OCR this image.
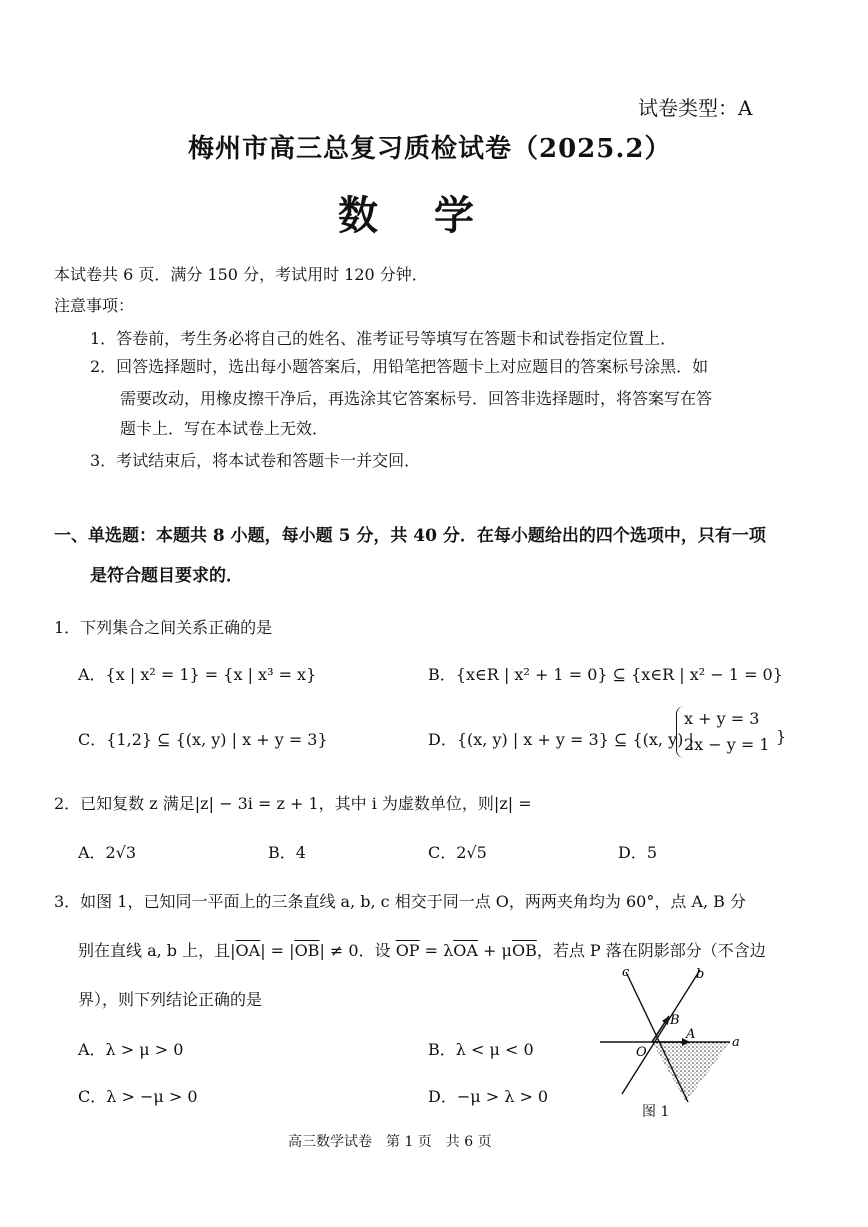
试卷类型：A
梅州市高三总复习质检试卷（2025.2）
数学
本试卷共 6 页．满分 150 分，考试用时 120 分钟．
注意事项：
1．答卷前，考生务必将自己的姓名、准考证号等填写在答题卡和试卷指定位置上．
2．回答选择题时，选出每小题答案后，用铅笔把答题卡上对应题目的答案标号涂黑．如
需要改动，用橡皮擦干净后，再选涂其它答案标号．回答非选择题时，将答案写在答
题卡上．写在本试卷上无效．
3．考试结束后，将本试卷和答题卡一并交回．
一、单选题：本题共 8 小题，每小题 5 分，共 40 分．在每小题给出的四个选项中，只有一项
是符合题目要求的．
1．下列集合之间关系正确的是
A．{x | x² = 1} = {x | x³ = x}	B．{x∈R | x² + 1 = 0} ⊆ {x∈R | x² − 1 = 0}
C．{1,2} ⊆ {(x, y) | x + y = 3}	D．{(x, y) | x + y = 3} ⊆ {(x, y) |
x + y = 3
2x − y = 1 }
2．已知复数 z 满足|z| − 3i = z + 1，其中 i 为虚数单位，则|z| =
A．2√3	B．4	C．2√5	D．5
3．如图 1，已知同一平面上的三条直线 a, b, c 相交于同一点 O，两两夹角均为 60°，点 A, B 分
别在直线 a, b 上，且$|\overline{OA}| = |\overline{OB}| \ne 0$．设 $\overline{OP} = \lambda\overline{OA} + \mu\overline{OB}$，若点 P 落在阴影部分（不含边
界），则下列结论正确的是
A．λ > μ > 0	B．λ < μ < 0
C．λ > −μ > 0	D．−μ > λ > 0
c	b
B
A
O
a
图 1
高三数学试卷　第 1 页　共 6 页
